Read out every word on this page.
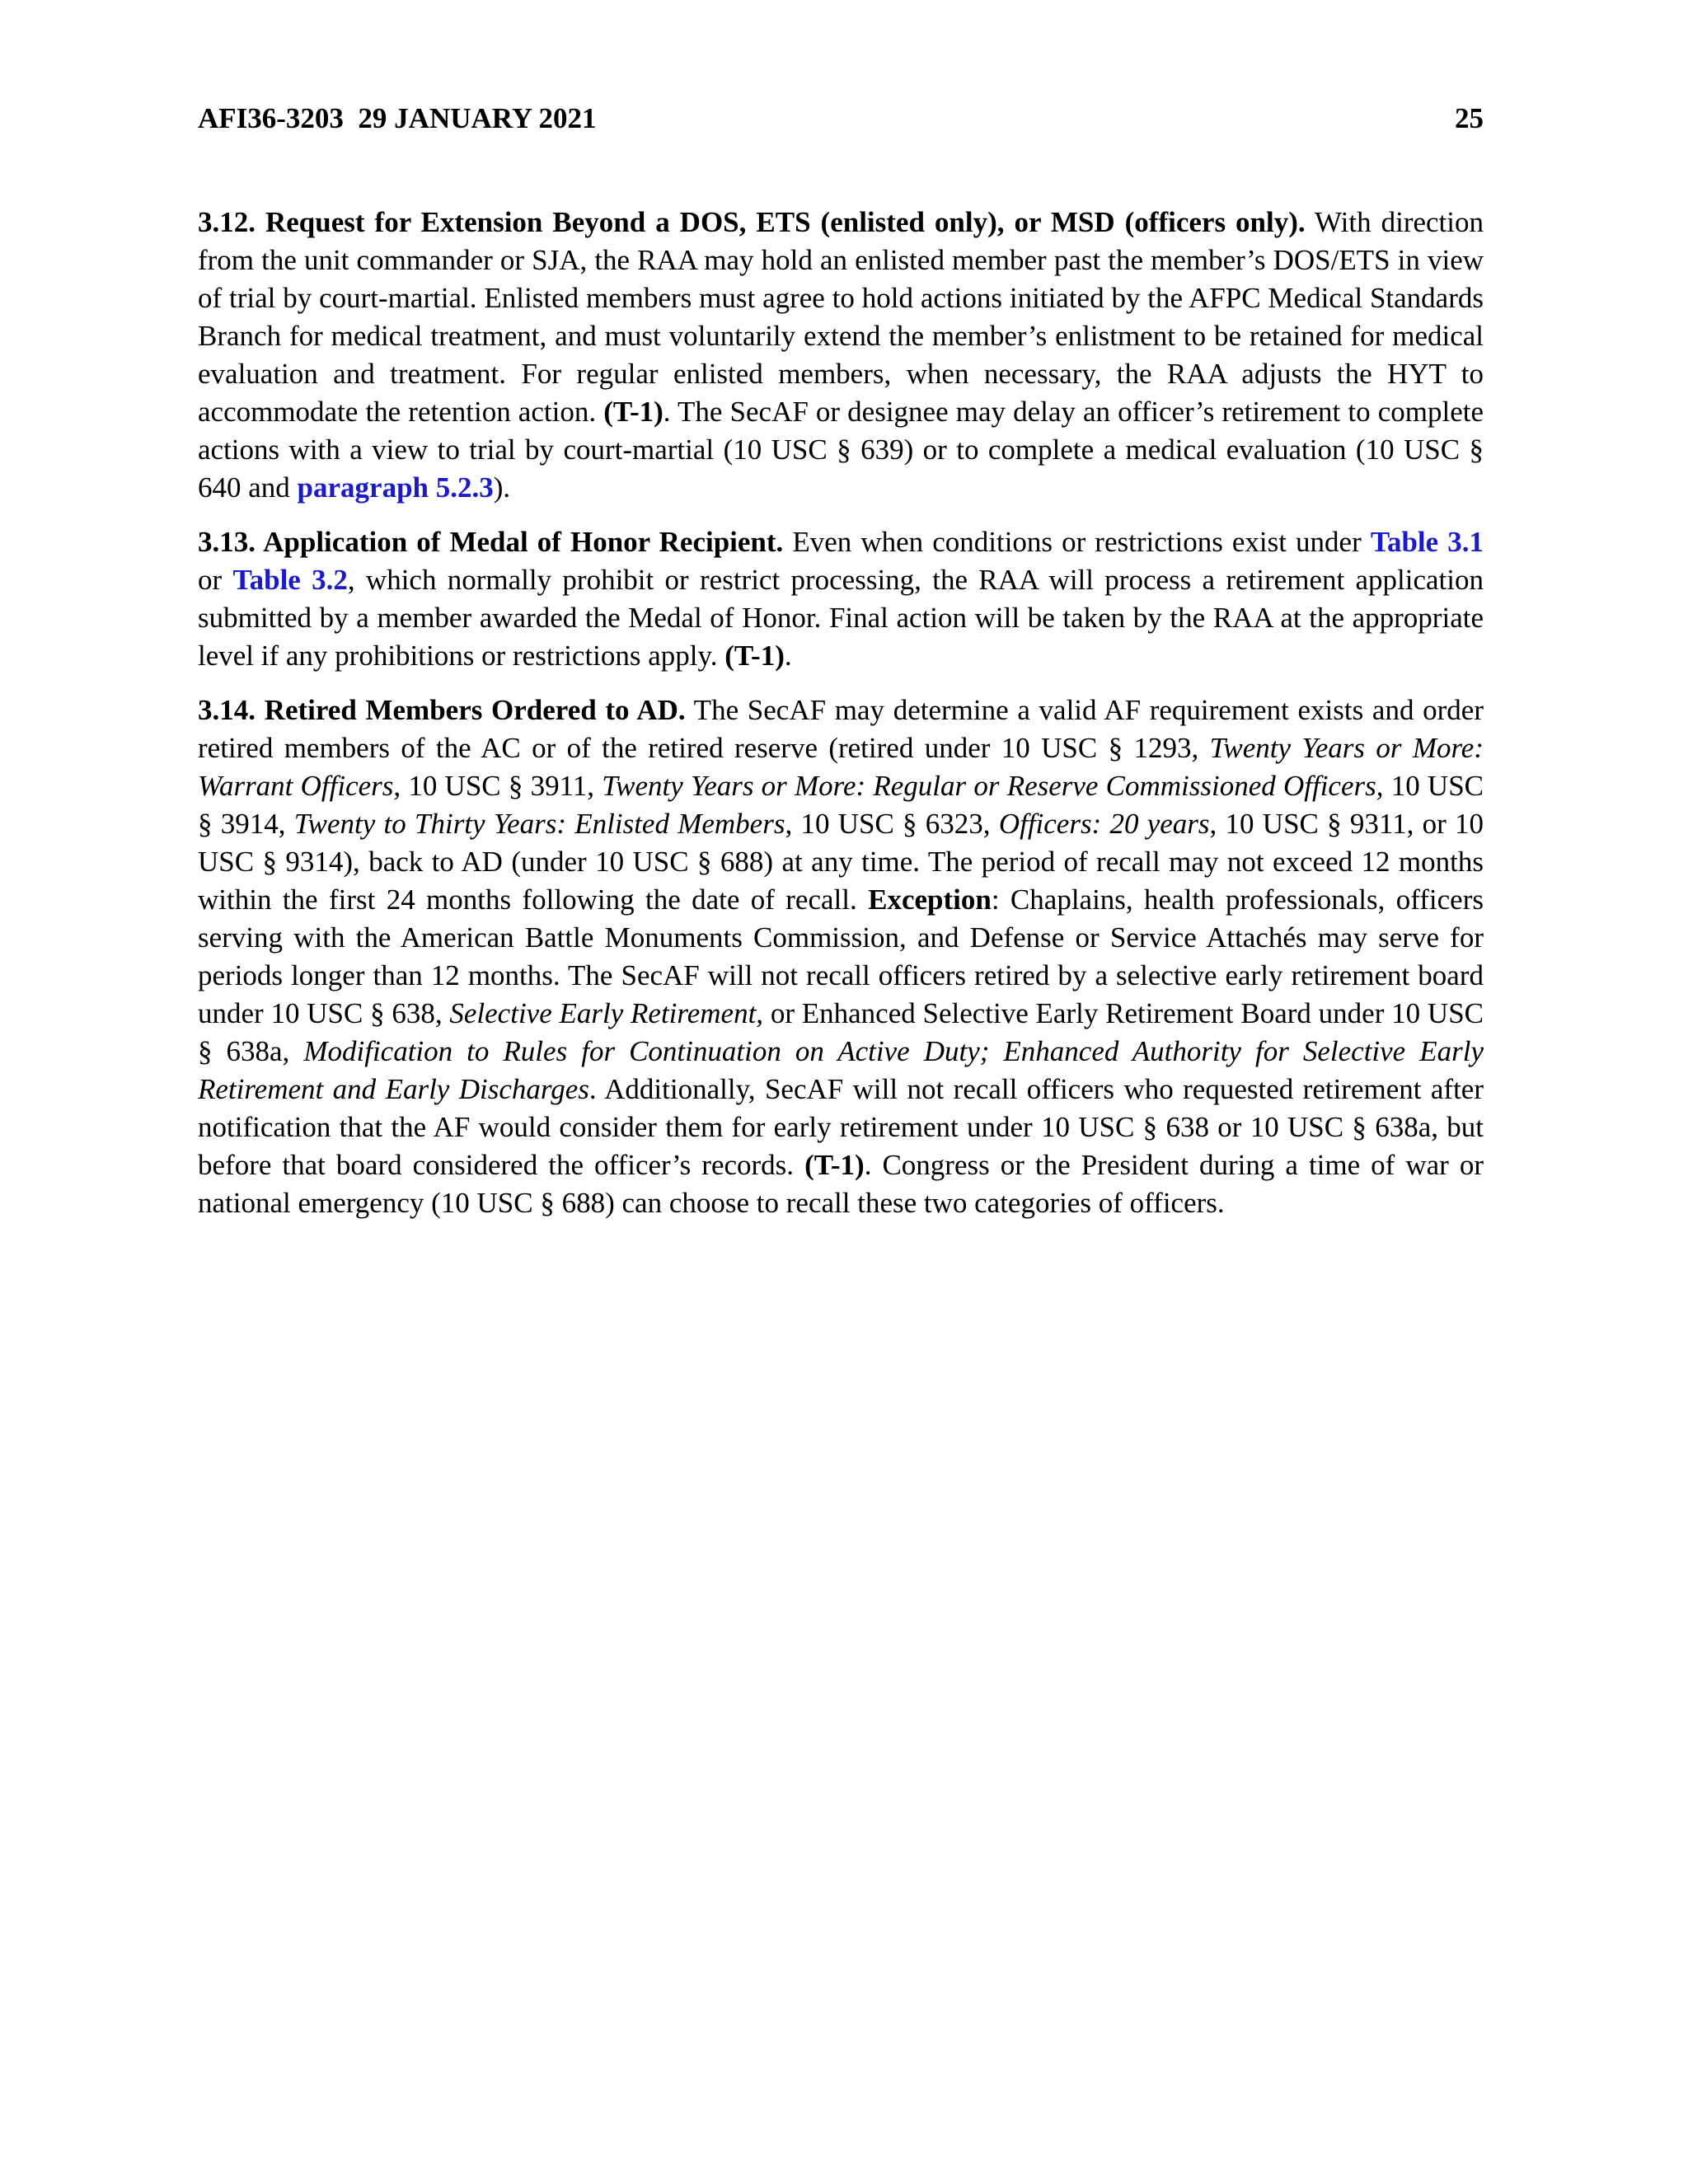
AFI36-3203  29 JANUARY 2021	25

3.12. Request for Extension Beyond a DOS, ETS (enlisted only), or MSD (officers only). With direction from the unit commander or SJA, the RAA may hold an enlisted member past the member’s DOS/ETS in view of trial by court-martial. Enlisted members must agree to hold actions initiated by the AFPC Medical Standards Branch for medical treatment, and must voluntarily extend the member’s enlistment to be retained for medical evaluation and treatment. For regular enlisted members, when necessary, the RAA adjusts the HYT to accommodate the retention action. (T-1). The SecAF or designee may delay an officer’s retirement to complete actions with a view to trial by court-martial (10 USC § 639) or to complete a medical evaluation (10 USC § 640 and paragraph 5.2.3).

3.13. Application of Medal of Honor Recipient. Even when conditions or restrictions exist under Table 3.1 or Table 3.2, which normally prohibit or restrict processing, the RAA will process a retirement application submitted by a member awarded the Medal of Honor. Final action will be taken by the RAA at the appropriate level if any prohibitions or restrictions apply. (T-1).

3.14. Retired Members Ordered to AD. The SecAF may determine a valid AF requirement exists and order retired members of the AC or of the retired reserve (retired under 10 USC § 1293, Twenty Years or More: Warrant Officers, 10 USC § 3911, Twenty Years or More: Regular or Reserve Commissioned Officers, 10 USC § 3914, Twenty to Thirty Years: Enlisted Members, 10 USC § 6323, Officers: 20 years, 10 USC § 9311, or 10 USC § 9314), back to AD (under 10 USC § 688) at any time. The period of recall may not exceed 12 months within the first 24 months following the date of recall. Exception: Chaplains, health professionals, officers serving with the American Battle Monuments Commission, and Defense or Service Attachés may serve for periods longer than 12 months. The SecAF will not recall officers retired by a selective early retirement board under 10 USC § 638, Selective Early Retirement, or Enhanced Selective Early Retirement Board under 10 USC § 638a, Modification to Rules for Continuation on Active Duty; Enhanced Authority for Selective Early Retirement and Early Discharges. Additionally, SecAF will not recall officers who requested retirement after notification that the AF would consider them for early retirement under 10 USC § 638 or 10 USC § 638a, but before that board considered the officer’s records. (T-1). Congress or the President during a time of war or national emergency (10 USC § 688) can choose to recall these two categories of officers.
